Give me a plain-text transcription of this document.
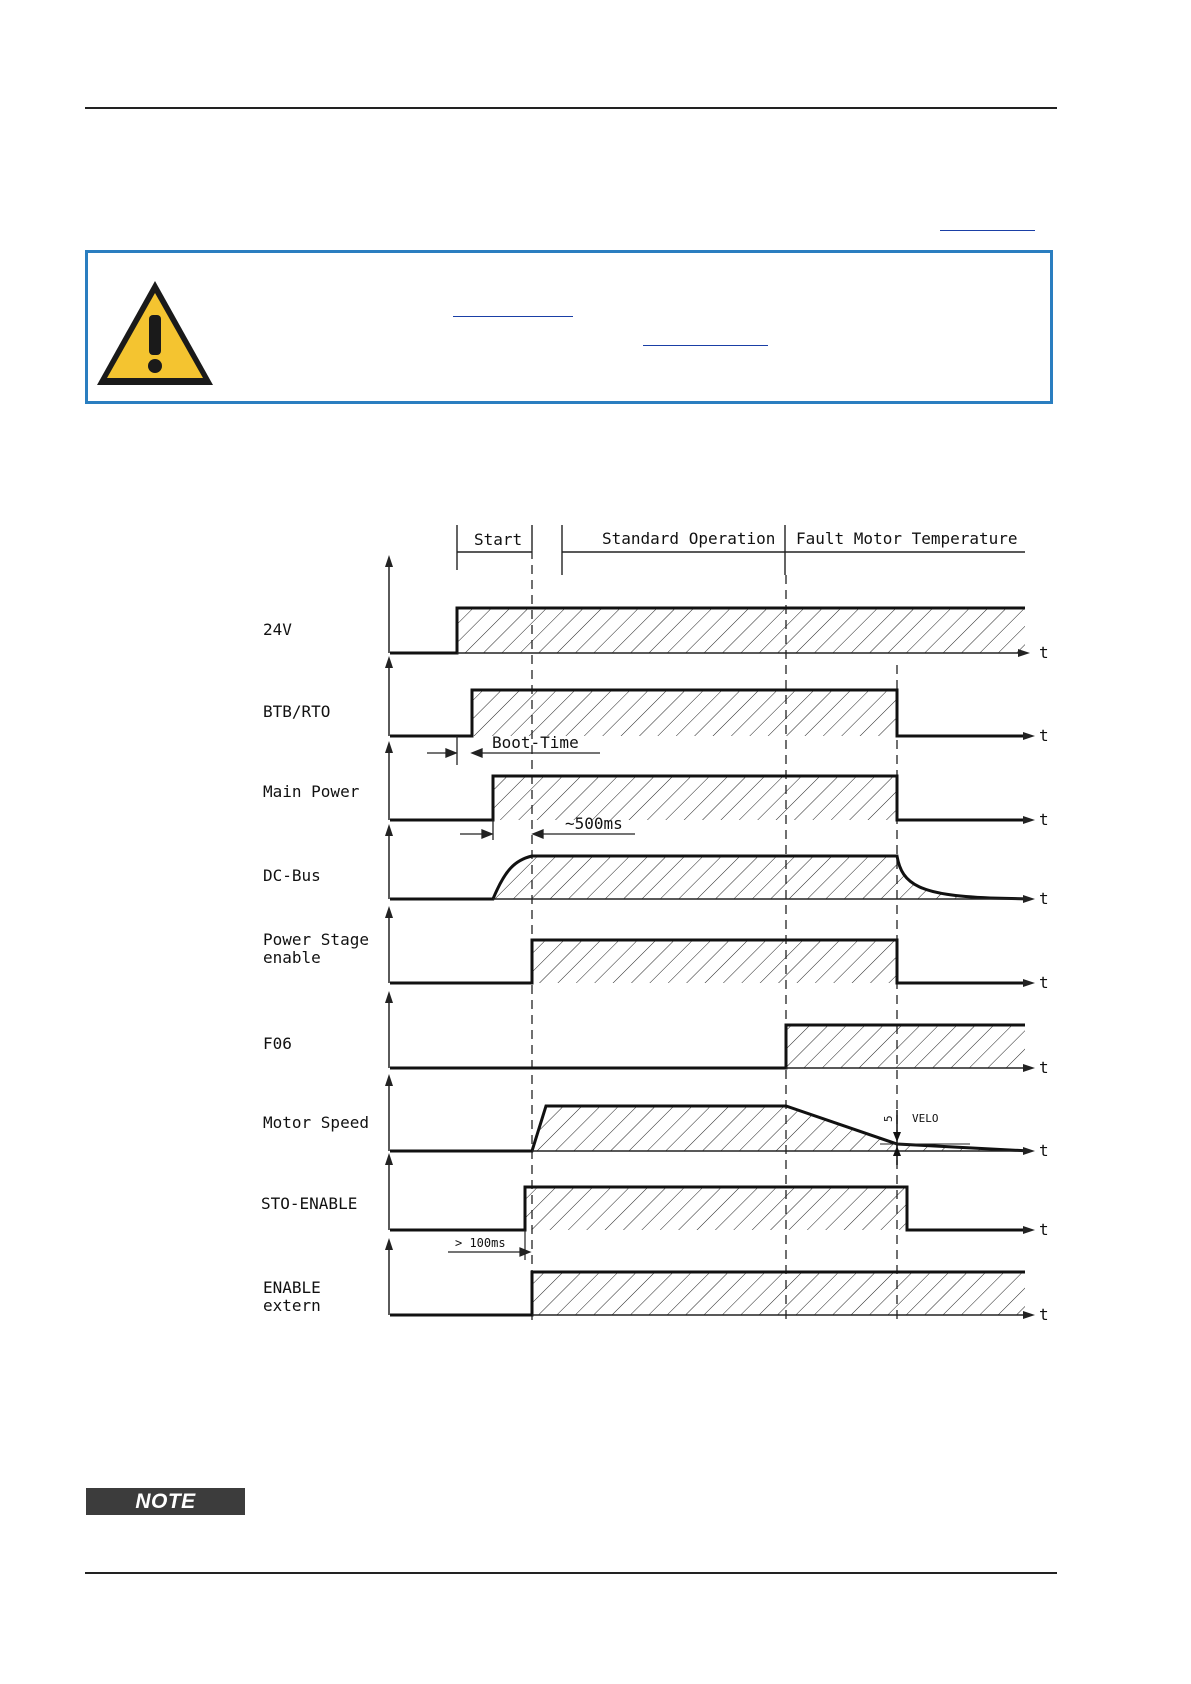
Start	Standard Operation Fault Motor Temperature
24V
t
BTB/RTO
t
Boot-Time
Main Power
t
~500ms
DC-Bus
t
Power Stage
enable
t
F06
t
Motor Speed	VELO
5
t
STO-ENABLE
t
> 100ms
ENABLE
extern	t
NOTE
